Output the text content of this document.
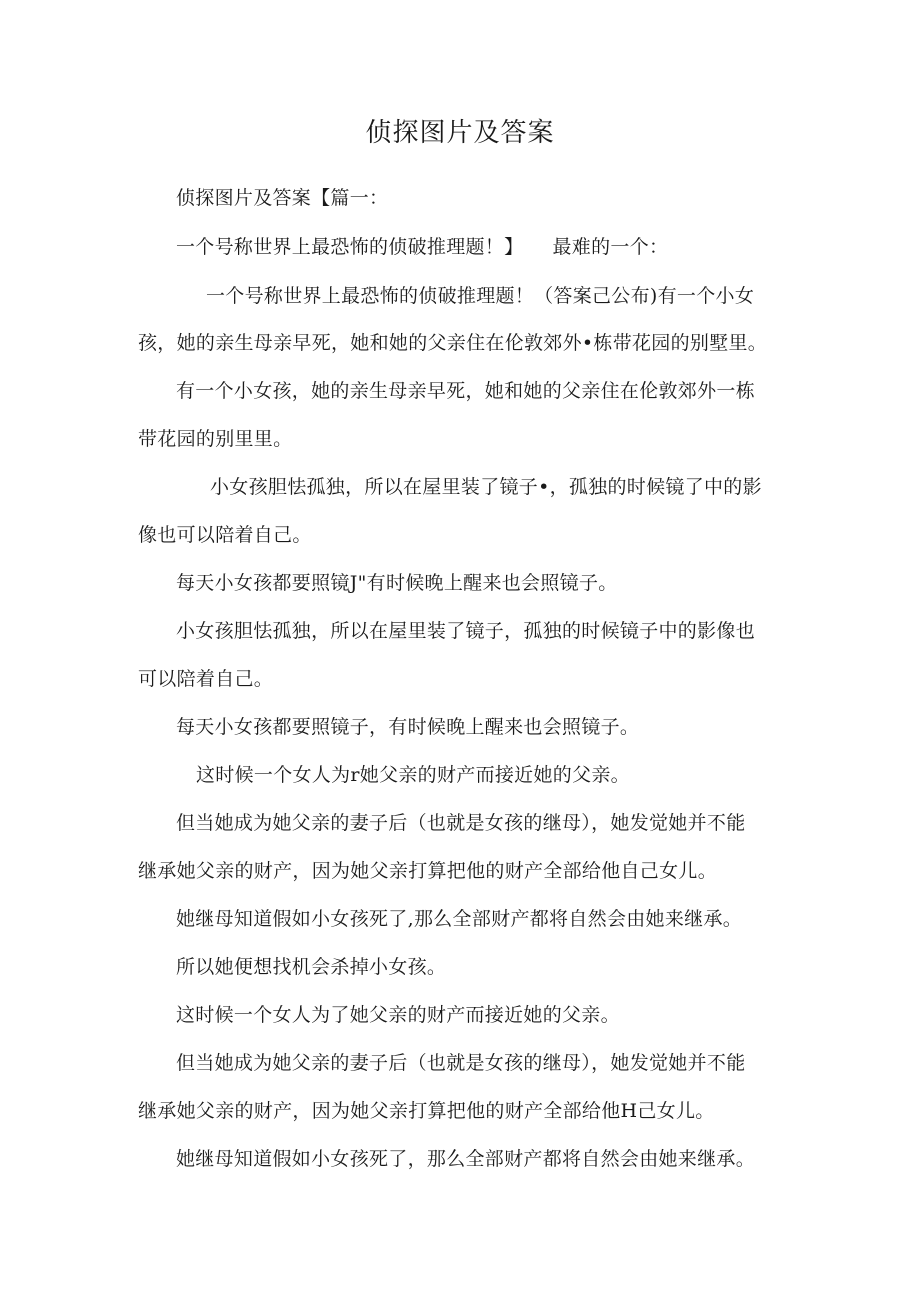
侦探图片及答案
侦探图片及答案【篇一：
一个号称世界上最恐怖的侦破推理题！】　　最难的一个：
一个号称世界上最恐怖的侦破推理题！（答案己公布)有一个小女
孩，她的亲生母亲早死，她和她的父亲住在伦敦郊外•栋带花园的别墅里。
有一个小女孩，她的亲生母亲早死，她和她的父亲住在伦敦郊外一栋
带花园的别里里。
小女孩胆怯孤独，所以在屋里装了镜子•，孤独的时候镜了中的影
像也可以陪着自己。
每天小女孩都要照镜J"有时候晚上醒来也会照镜子。
小女孩胆怯孤独，所以在屋里装了镜子，孤独的时候镜子中的影像也
可以陪着自己。
每天小女孩都要照镜子，有时候晚上醒来也会照镜子。
这时候一个女人为r她父亲的财产而接近她的父亲。
但当她成为她父亲的妻子后（也就是女孩的继母），她发觉她并不能
继承她父亲的财产，因为她父亲打算把他的财产全部给他自己女儿。
她继母知道假如小女孩死了,那么全部财产都将自然会由她来继承。
所以她便想找机会杀掉小女孩。
这时候一个女人为了她父亲的财产而接近她的父亲。
但当她成为她父亲的妻子后（也就是女孩的继母），她发觉她并不能
继承她父亲的财产，因为她父亲打算把他的财产全部给他H己女儿。
她继母知道假如小女孩死了，那么全部财产都将自然会由她来继承。
